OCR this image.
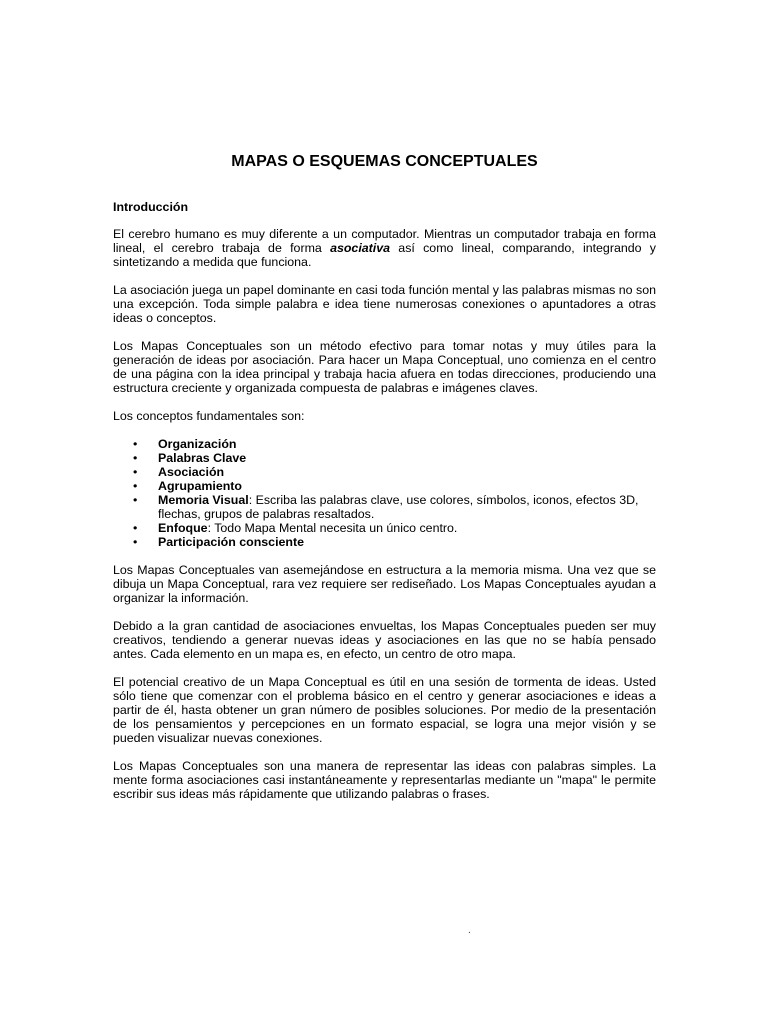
MAPAS O ESQUEMAS CONCEPTUALES
Introducción

El cerebro humano es muy diferente a un computador. Mientras un computador trabaja en forma lineal, el cerebro trabaja de forma asociativa así como lineal, comparando, integrando y sintetizando a medida que funciona.

La asociación juega un papel dominante en casi toda función mental y las palabras mismas no son una excepción. Toda simple palabra e idea tiene numerosas conexiones o apuntadores a otras ideas o conceptos.

Los Mapas Conceptuales son un método efectivo para tomar notas y muy útiles para la generación de ideas por asociación. Para hacer un Mapa Conceptual, uno comienza en el centro de una página con la idea principal y trabaja hacia afuera en todas direcciones, produciendo una estructura creciente y organizada compuesta de palabras e imágenes claves.

Los conceptos fundamentales son:

• Organización
• Palabras Clave
• Asociación
• Agrupamiento
• Memoria Visual: Escriba las palabras clave, use colores, símbolos, iconos, efectos 3D, flechas, grupos de palabras resaltados.
• Enfoque: Todo Mapa Mental necesita un único centro.
• Participación consciente

Los Mapas Conceptuales van asemejándose en estructura a la memoria misma. Una vez que se dibuja un Mapa Conceptual, rara vez requiere ser rediseñado. Los Mapas Conceptuales ayudan a organizar la información.

Debido a la gran cantidad de asociaciones envueltas, los Mapas Conceptuales pueden ser muy creativos, tendiendo a generar nuevas ideas y asociaciones en las que no se había pensado antes. Cada elemento en un mapa es, en efecto, un centro de otro mapa.

El potencial creativo de un Mapa Conceptual es útil en una sesión de tormenta de ideas. Usted sólo tiene que comenzar con el problema básico en el centro y generar asociaciones e ideas a partir de él, hasta obtener un gran número de posibles soluciones. Por medio de la presentación de los pensamientos y percepciones en un formato espacial, se logra una mejor visión y se pueden visualizar nuevas conexiones.

Los Mapas Conceptuales son una manera de representar las ideas con palabras simples. La mente forma asociaciones casi instantáneamente y representarlas mediante un "mapa" le permite escribir sus ideas más rápidamente que utilizando palabras o frases.

.
